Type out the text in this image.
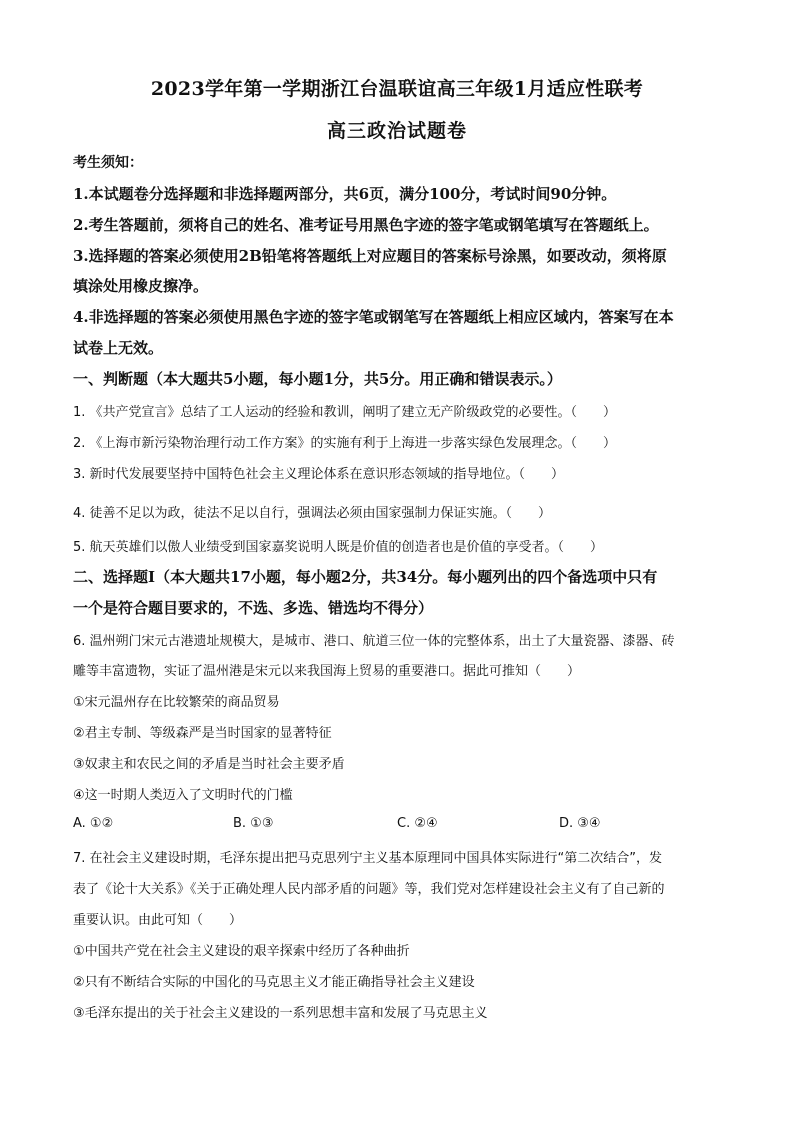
2023学年第一学期浙江台温联谊高三年级1月适应性联考
高三政治试题卷
考生须知：
1.本试题卷分选择题和非选择题两部分，共6页，满分100分，考试时间90分钟。
2.考生答题前，须将自己的姓名、准考证号用黑色字迹的签字笔或钢笔填写在答题纸上。
3.选择题的答案必须使用2B铅笔将答题纸上对应题目的答案标号涂黑，如要改动，须将原
填涂处用橡皮擦净。
4.非选择题的答案必须使用黑色字迹的签字笔或钢笔写在答题纸上相应区域内，答案写在本
试卷上无效。
一、判断题（本大题共5小题，每小题1分，共5分。用正确和错误表示。）
1. 《共产党宣言》总结了工人运动的经验和教训，阐明了建立无产阶级政党的必要性。（　　）
2. 《上海市新污染物治理行动工作方案》的实施有利于上海进一步落实绿色发展理念。（　　）
3. 新时代发展要坚持中国特色社会主义理论体系在意识形态领域的指导地位。（　　）
4. 徒善不足以为政，徒法不足以自行，强调法必须由国家强制力保证实施。（　　）
5. 航天英雄们以傲人业绩受到国家嘉奖说明人既是价值的创造者也是价值的享受者。（　　）
二、选择题Ⅰ（本大题共17小题，每小题2分，共34分。每小题列出的四个备选项中只有
一个是符合题目要求的，不选、多选、错选均不得分）
6. 温州朔门宋元古港遗址规模大，是城市、港口、航道三位一体的完整体系，出土了大量瓷器、漆器、砖
雕等丰富遗物，实证了温州港是宋元以来我国海上贸易的重要港口。据此可推知（　　）
①宋元温州存在比较繁荣的商品贸易
②君主专制、等级森严是当时国家的显著特征
③奴隶主和农民之间的矛盾是当时社会主要矛盾
④这一时期人类迈入了文明时代的门槛
A. ①②	B. ①③	C. ②④	D. ③④
7. 在社会主义建设时期，毛泽东提出把马克思列宁主义基本原理同中国具体实际进行“第二次结合”，发
表了《论十大关系》《关于正确处理人民内部矛盾的问题》等，我们党对怎样建设社会主义有了自己新的
重要认识。由此可知（　　）
①中国共产党在社会主义建设的艰辛探索中经历了各种曲折
②只有不断结合实际的中国化的马克思主义才能正确指导社会主义建设
③毛泽东提出的关于社会主义建设的一系列思想丰富和发展了马克思主义
